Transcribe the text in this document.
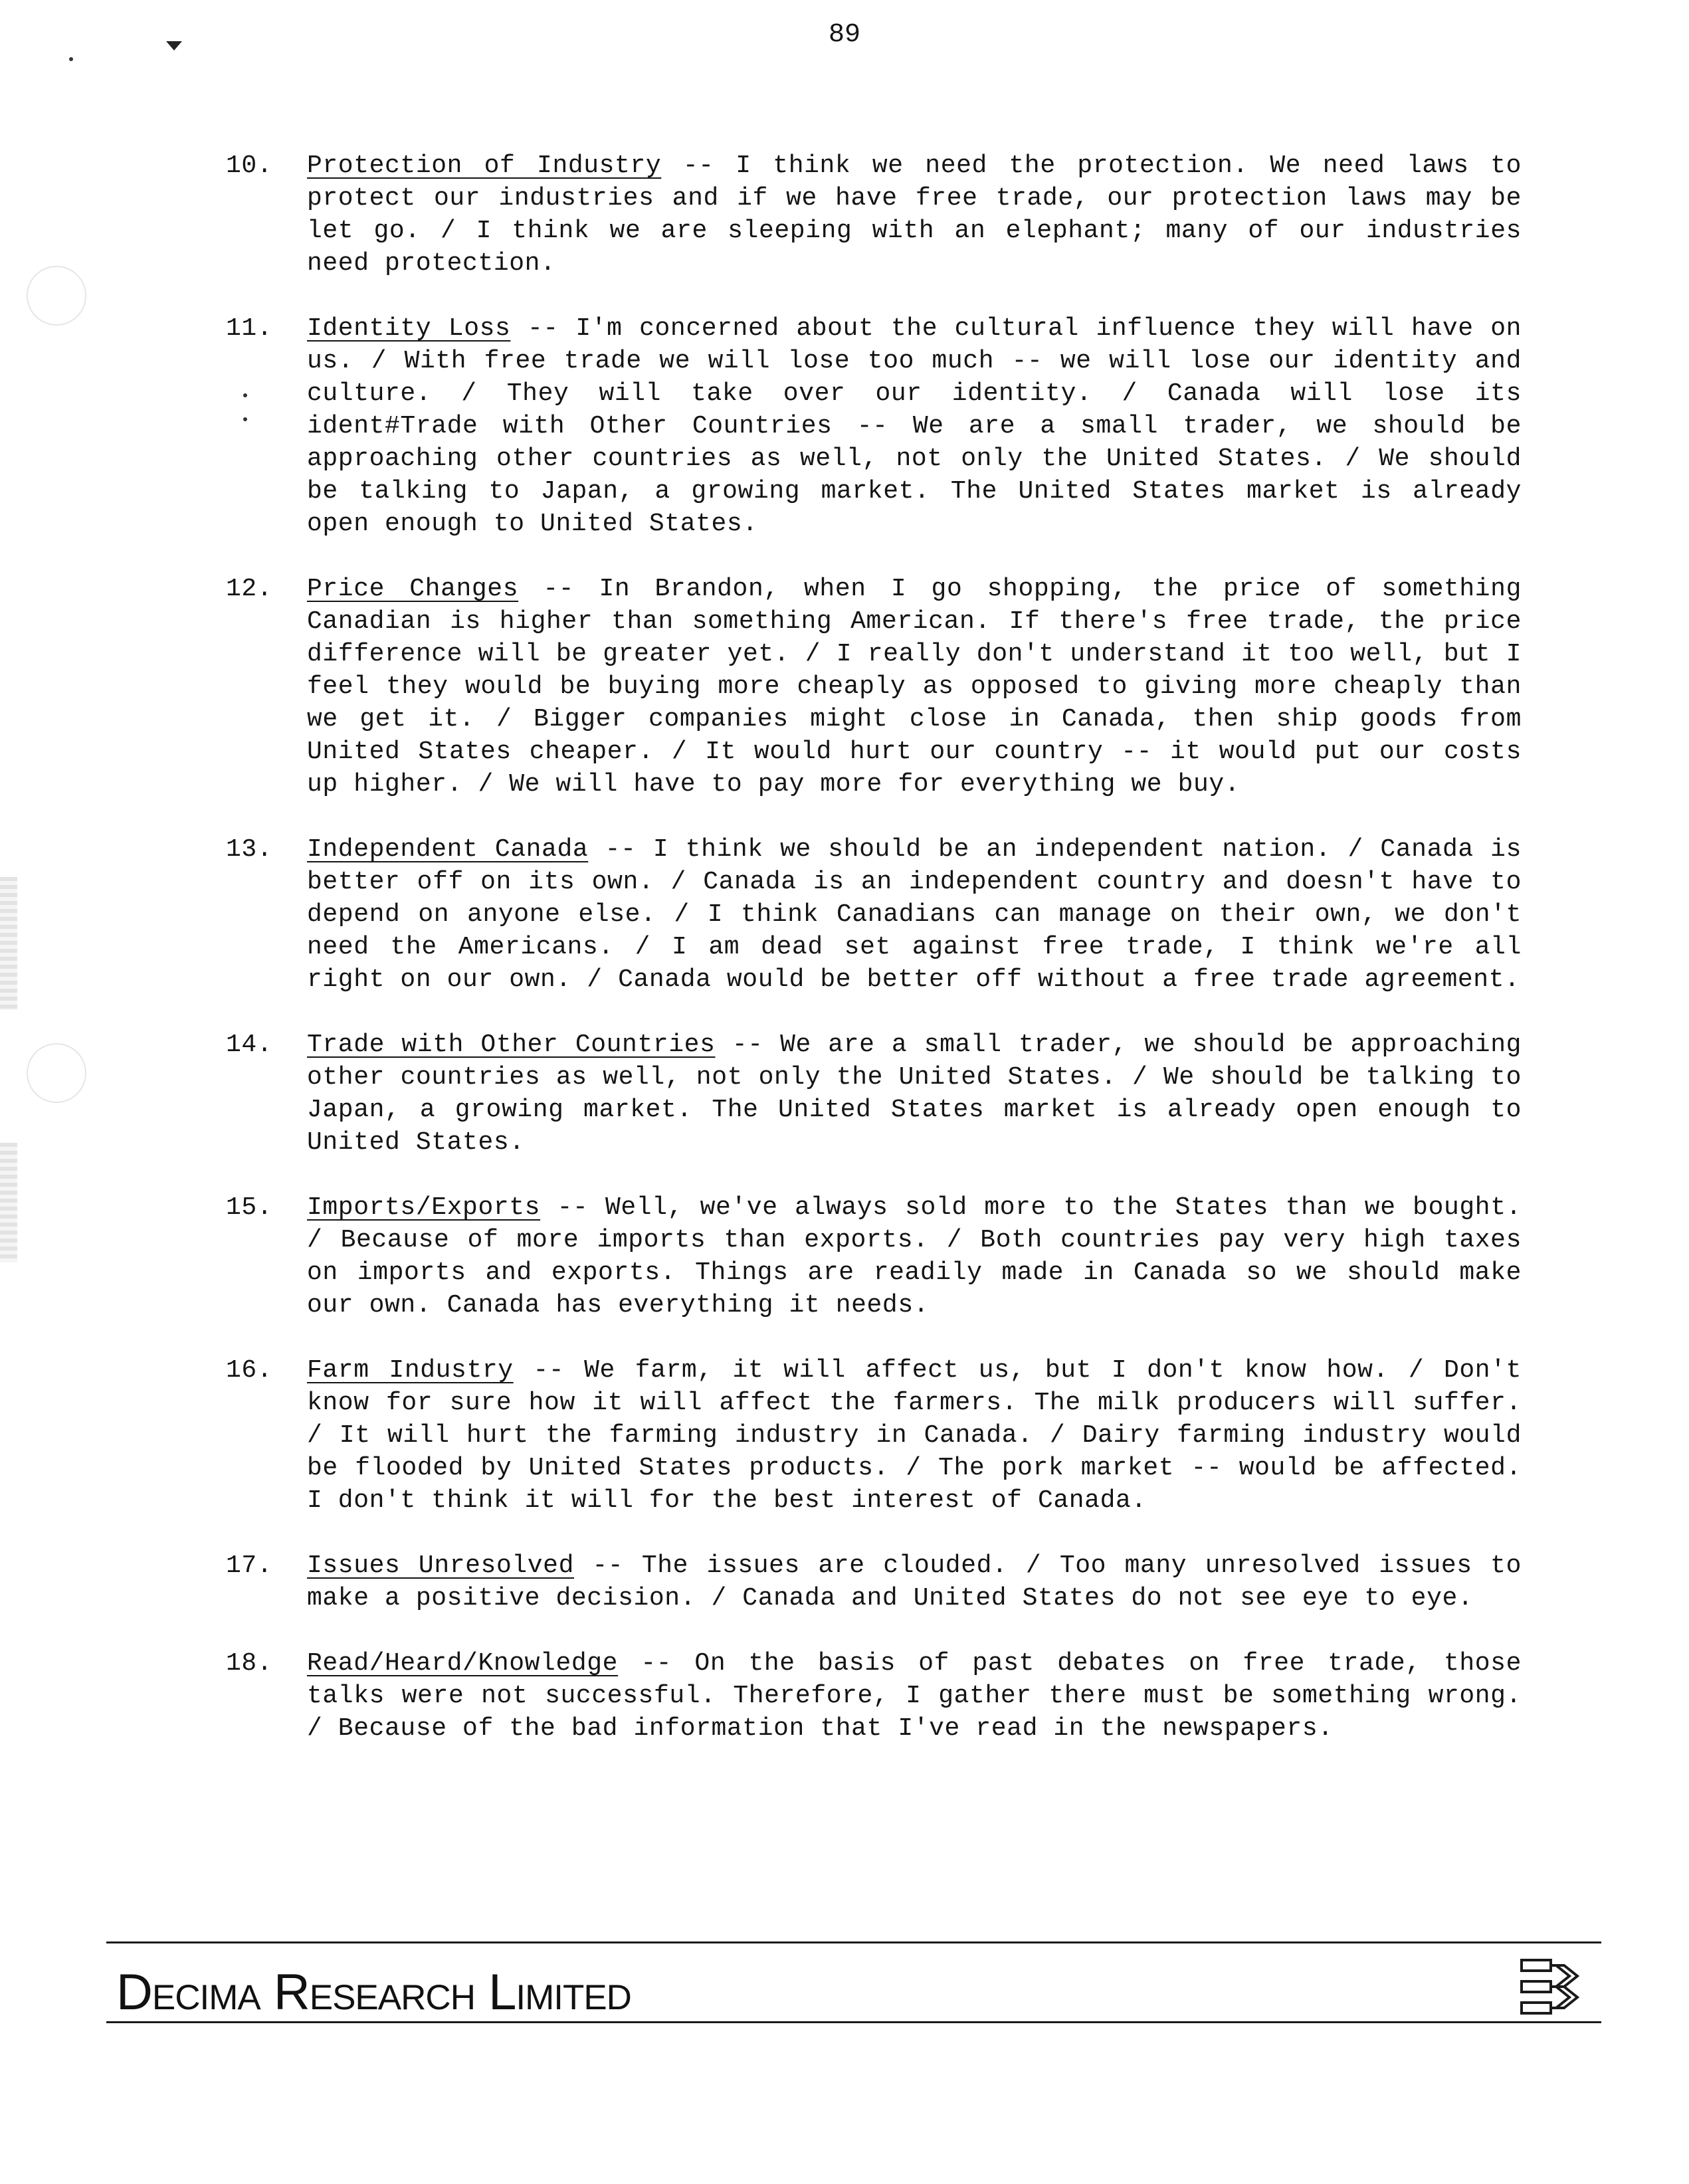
89
10. Protection of Industry -- I think we need the protection. We need laws to protect our industries and if we have free trade, our protection laws may be let go. / I think we are sleeping with an elephant; many of our industries need protection.
11. Identity Loss -- I'm concerned about the cultural influence they will have on us. / With free trade we will lose too much -- we will lose our identity and culture. / They will take over our identity. / Canada will lose its ident#Trade with Other Countries -- We are a small trader, we should be approaching other countries as well, not only the United States. / We should be talking to Japan, a growing market. The United States market is already open enough to United States.
12. Price Changes -- In Brandon, when I go shopping, the price of something Canadian is higher than something American. If there's free trade, the price difference will be greater yet. / I really don't understand it too well, but I feel they would be buying more cheaply as opposed to giving more cheaply than we get it. / Bigger companies might close in Canada, then ship goods from United States cheaper. / It would hurt our country -- it would put our costs up higher. / We will have to pay more for everything we buy.
13. Independent Canada -- I think we should be an independent nation. / Canada is better off on its own. / Canada is an independent country and doesn't have to depend on anyone else. / I think Canadians can manage on their own, we don't need the Americans. / I am dead set against free trade, I think we're all right on our own. / Canada would be better off without a free trade agreement.
14. Trade with Other Countries -- We are a small trader, we should be approaching other countries as well, not only the United States. / We should be talking to Japan, a growing market. The United States market is already open enough to United States.
15. Imports/Exports -- Well, we've always sold more to the States than we bought. / Because of more imports than exports. / Both countries pay very high taxes on imports and exports. Things are readily made in Canada so we should make our own. Canada has everything it needs.
16. Farm Industry -- We farm, it will affect us, but I don't know how. / Don't know for sure how it will affect the farmers. The milk producers will suffer. / It will hurt the farming industry in Canada. / Dairy farming industry would be flooded by United States products. / The pork market -- would be affected. I don't think it will for the best interest of Canada.
17. Issues Unresolved -- The issues are clouded. / Too many unresolved issues to make a positive decision. / Canada and United States do not see eye to eye.
18. Read/Heard/Knowledge -- On the basis of past debates on free trade, those talks were not successful. Therefore, I gather there must be something wrong. / Because of the bad information that I've read in the newspapers.
Decima Research Limited
